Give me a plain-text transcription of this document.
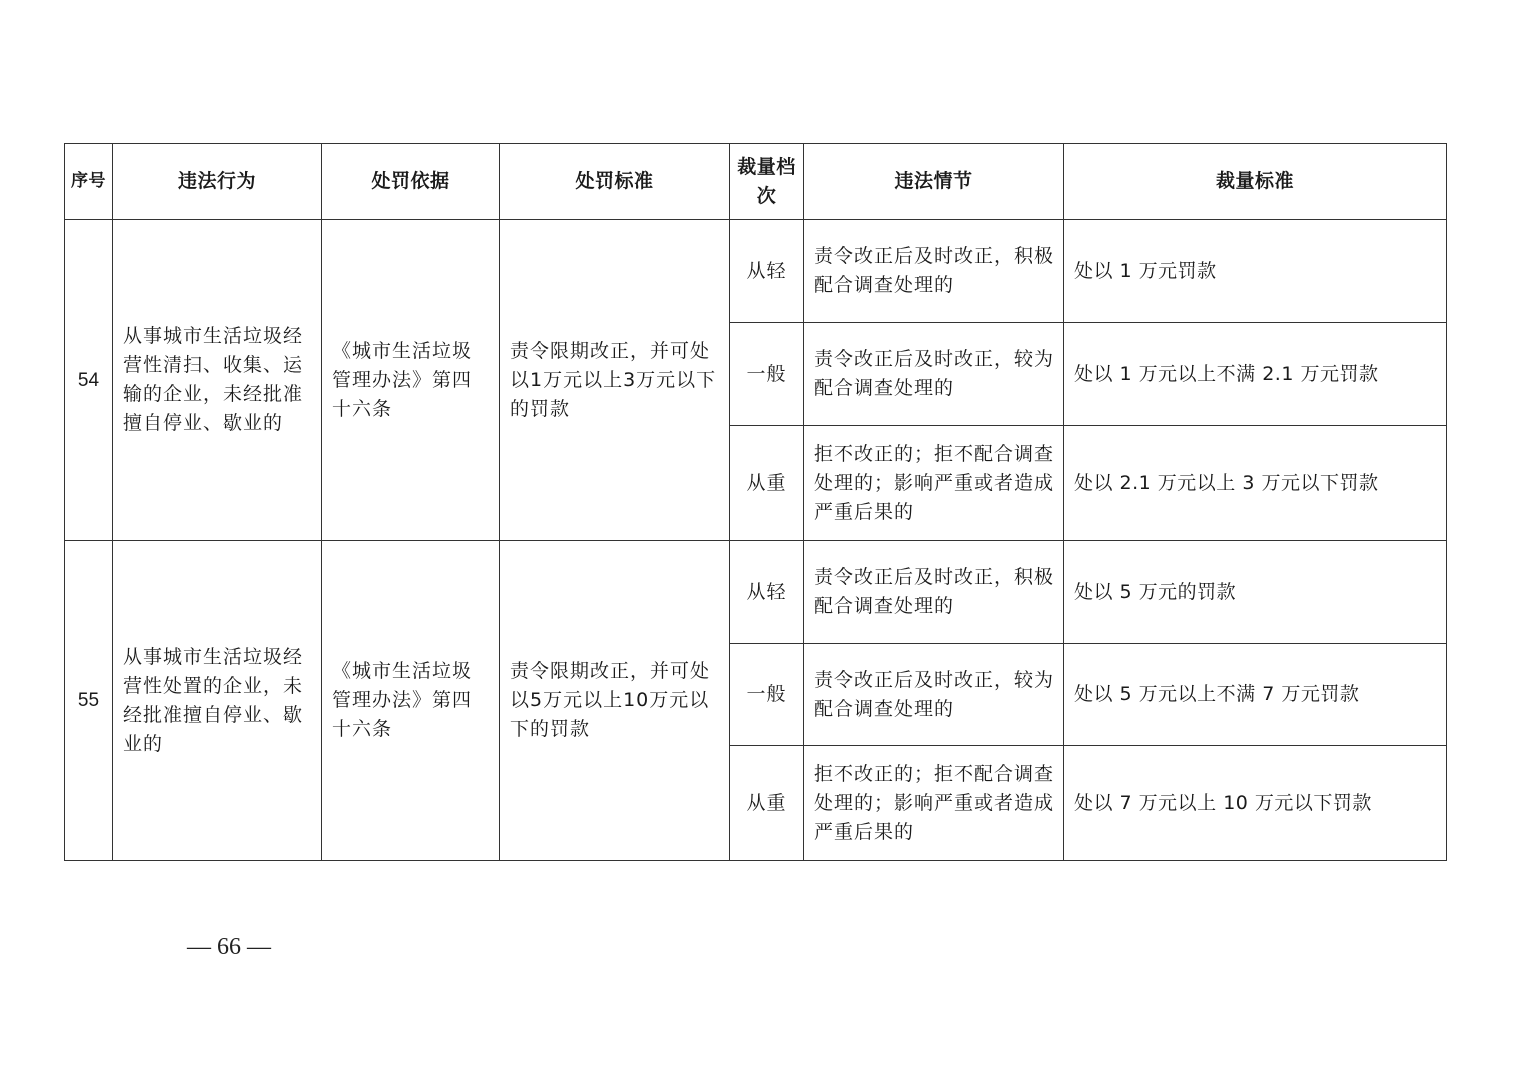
序号	违法行为	处罚依据	处罚标准	裁量档次	违法情节	裁量标准
54	从事城市生活垃圾经营性清扫、收集、运输的企业，未经批准擅自停业、歇业的	《城市生活垃圾管理办法》第四十六条	责令限期改正，并可处以1万元以上3万元以下的罚款	从轻	责令改正后及时改正，积极配合调查处理的	处以 1 万元罚款
				一般	责令改正后及时改正，较为配合调查处理的	处以 1 万元以上不满 2.1 万元罚款
				从重	拒不改正的；拒不配合调查处理的；影响严重或者造成严重后果的	处以 2.1 万元以上 3 万元以下罚款
55	从事城市生活垃圾经营性处置的企业，未经批准擅自停业、歇业的	《城市生活垃圾管理办法》第四十六条	责令限期改正，并可处以5万元以上10万元以下的罚款	从轻	责令改正后及时改正，积极配合调查处理的	处以 5 万元的罚款
				一般	责令改正后及时改正，较为配合调查处理的	处以 5 万元以上不满 7 万元罚款
				从重	拒不改正的；拒不配合调查处理的；影响严重或者造成严重后果的	处以 7 万元以上 10 万元以下罚款
— 66 —
